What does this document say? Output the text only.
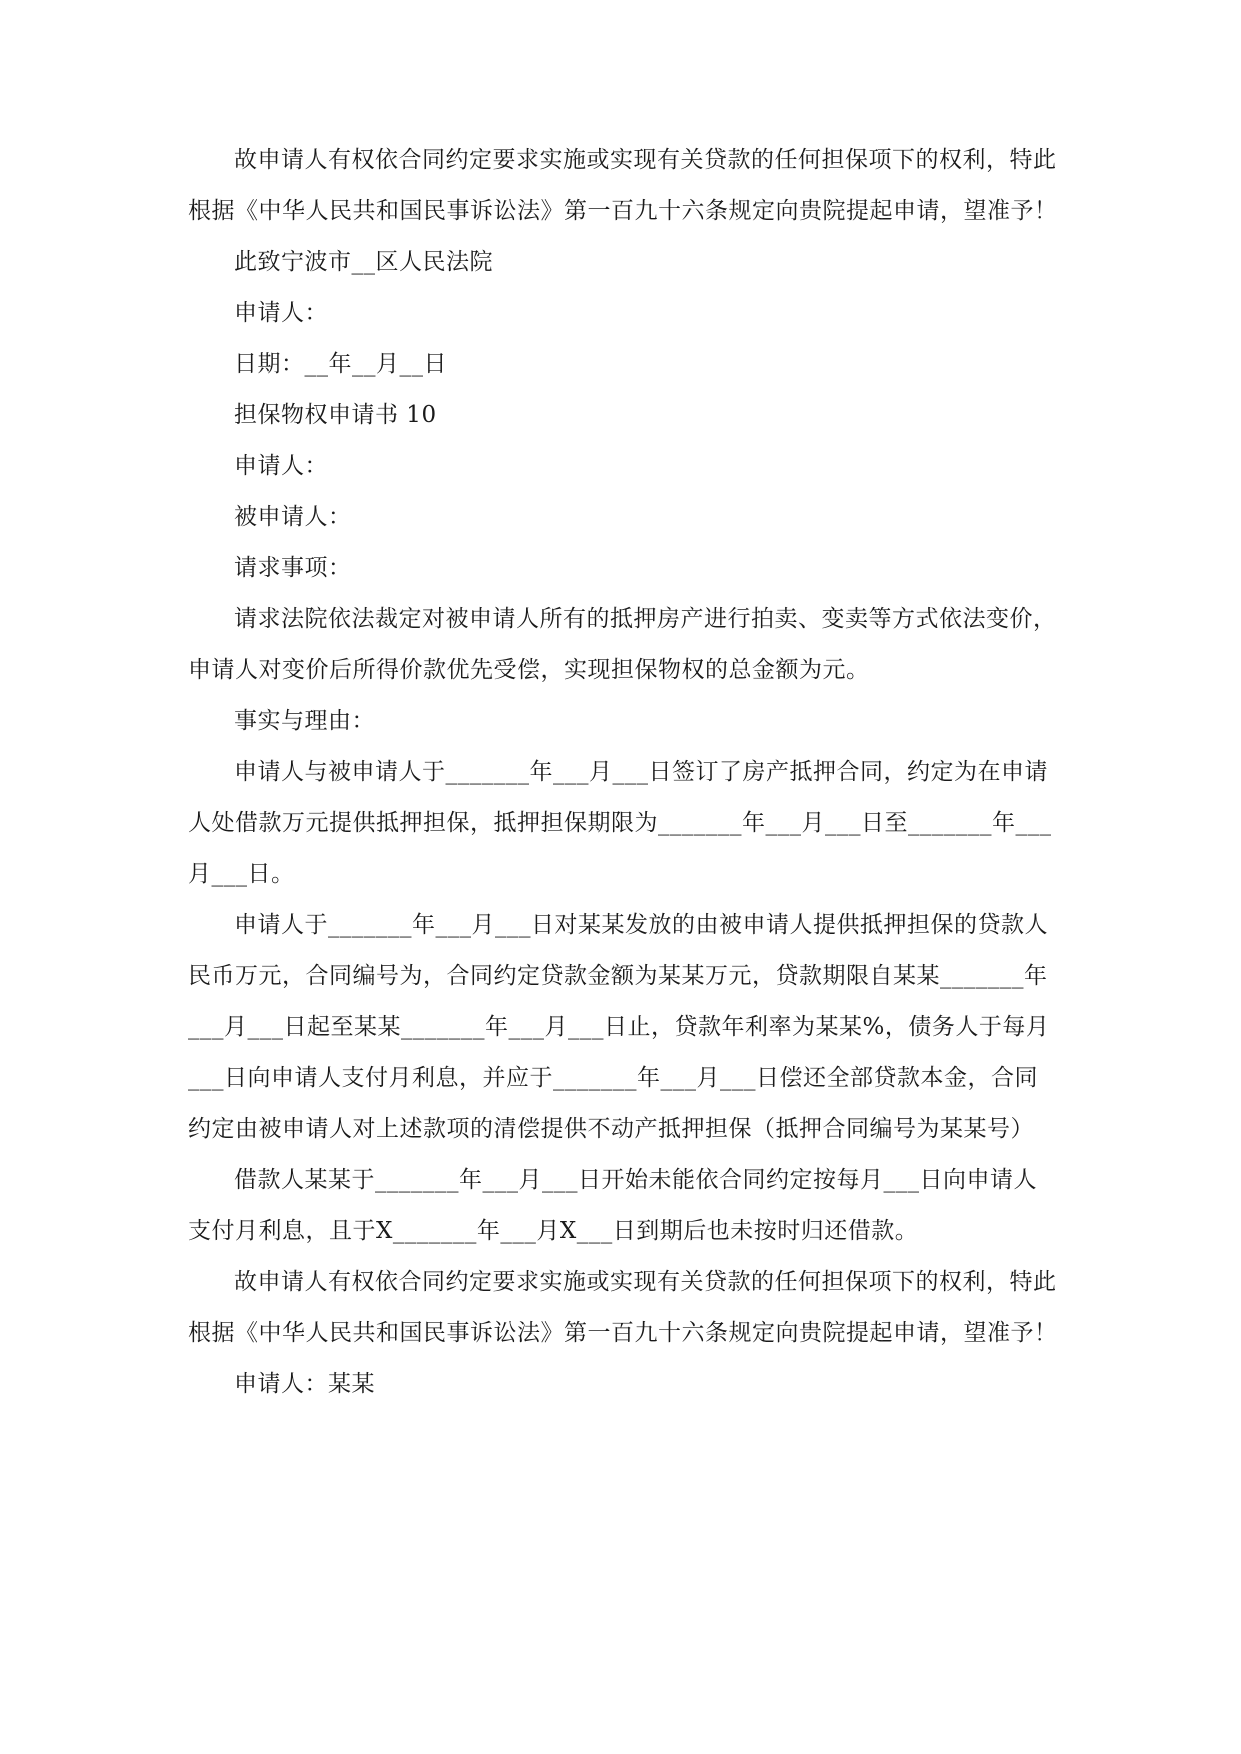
故申请人有权依合同约定要求实施或实现有关贷款的任何担保项下的权利，特此根据《中华人民共和国民事诉讼法》第一百九十六条规定向贵院提起申请，望准予！

此致宁波市__区人民法院

申请人：

日期：__年__月__日

担保物权申请书 10

申请人：

被申请人：

请求事项：

请求法院依法裁定对被申请人所有的抵押房产进行拍卖、变卖等方式依法变价，申请人对变价后所得价款优先受偿，实现担保物权的总金额为元。

事实与理由：

申请人与被申请人于_______年___月___日签订了房产抵押合同，约定为在申请人处借款万元提供抵押担保，抵押担保期限为_______年___月___日至_______年___月___日。

申请人于_______年___月___日对某某发放的由被申请人提供抵押担保的贷款人民币万元，合同编号为，合同约定贷款金额为某某万元，贷款期限自某某_______年___月___日起至某某_______年___月___日止，贷款年利率为某某%，债务人于每月___日向申请人支付月利息，并应于_______年___月___日偿还全部贷款本金，合同约定由被申请人对上述款项的清偿提供不动产抵押担保（抵押合同编号为某某号）

借款人某某于_______年___月___日开始未能依合同约定按每月___日向申请人支付月利息，且于X_______年___月X___日到期后也未按时归还借款。

故申请人有权依合同约定要求实施或实现有关贷款的任何担保项下的权利，特此根据《中华人民共和国民事诉讼法》第一百九十六条规定向贵院提起申请，望准予！

申请人：某某
